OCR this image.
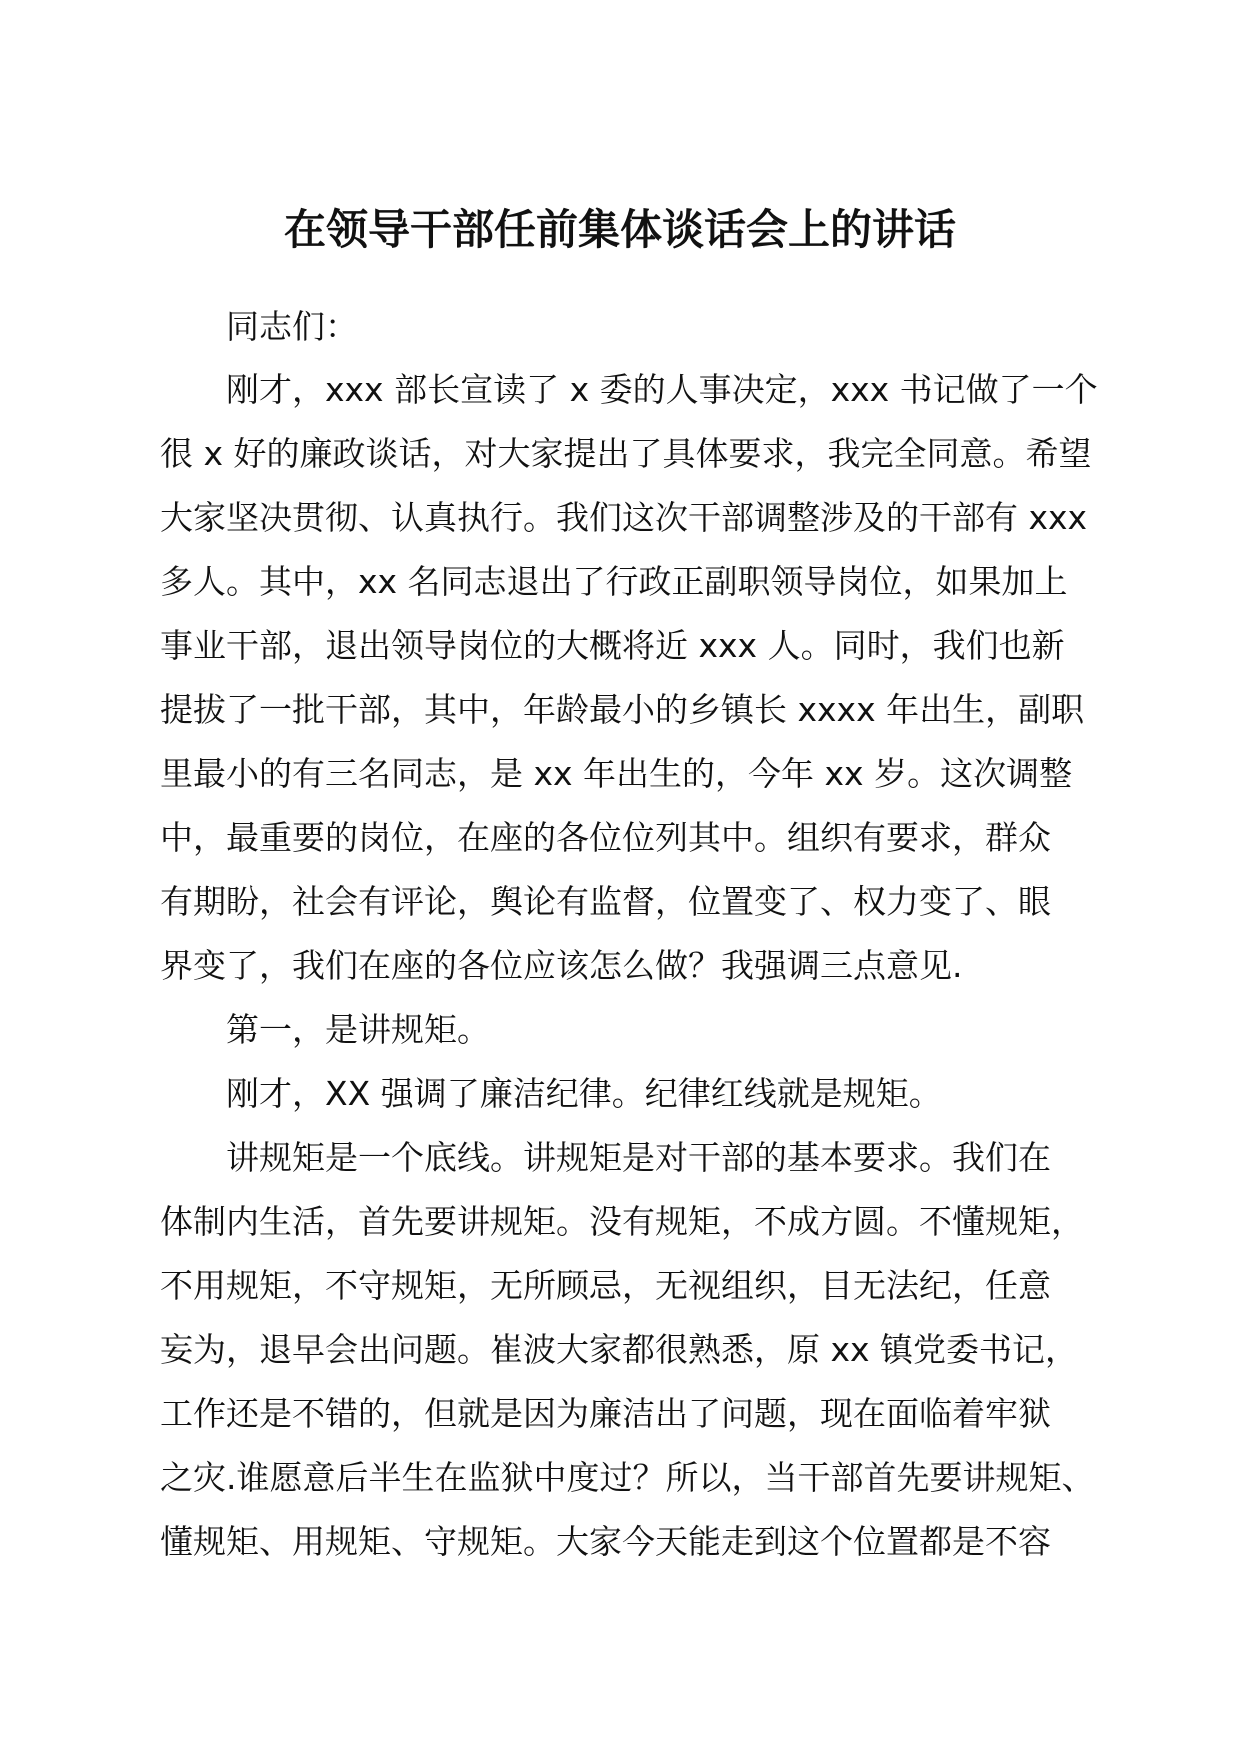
在领导干部任前集体谈话会上的讲话
同志们：
刚才，xxx 部长宣读了 x 委的人事决定，xxx 书记做了一个
很 x 好的廉政谈话，对大家提出了具体要求，我完全同意。希望
大家坚决贯彻、认真执行。我们这次干部调整涉及的干部有 xxx
多人。其中，xx 名同志退出了行政正副职领导岗位，如果加上
事业干部，退出领导岗位的大概将近 xxx 人。同时，我们也新
提拔了一批干部，其中，年龄最小的乡镇长 xxxx 年出生，副职
里最小的有三名同志，是 xx 年出生的，今年 xx 岁。这次调整
中，最重要的岗位，在座的各位位列其中。组织有要求，群众
有期盼，社会有评论，舆论有监督，位置变了、权力变了、眼
界变了，我们在座的各位应该怎么做？我强调三点意见.
第一，是讲规矩。
刚才，XX 强调了廉洁纪律。纪律红线就是规矩。
讲规矩是一个底线。讲规矩是对干部的基本要求。我们在
体制内生活，首先要讲规矩。没有规矩，不成方圆。不懂规矩，
不用规矩，不守规矩，无所顾忌，无视组织，目无法纪，任意
妄为，退早会出问题。崔波大家都很熟悉，原 xx 镇党委书记，
工作还是不错的，但就是因为廉洁出了问题，现在面临着牢狱
之灾.谁愿意后半生在监狱中度过？所以，当干部首先要讲规矩、
懂规矩、用规矩、守规矩。大家今天能走到这个位置都是不容
